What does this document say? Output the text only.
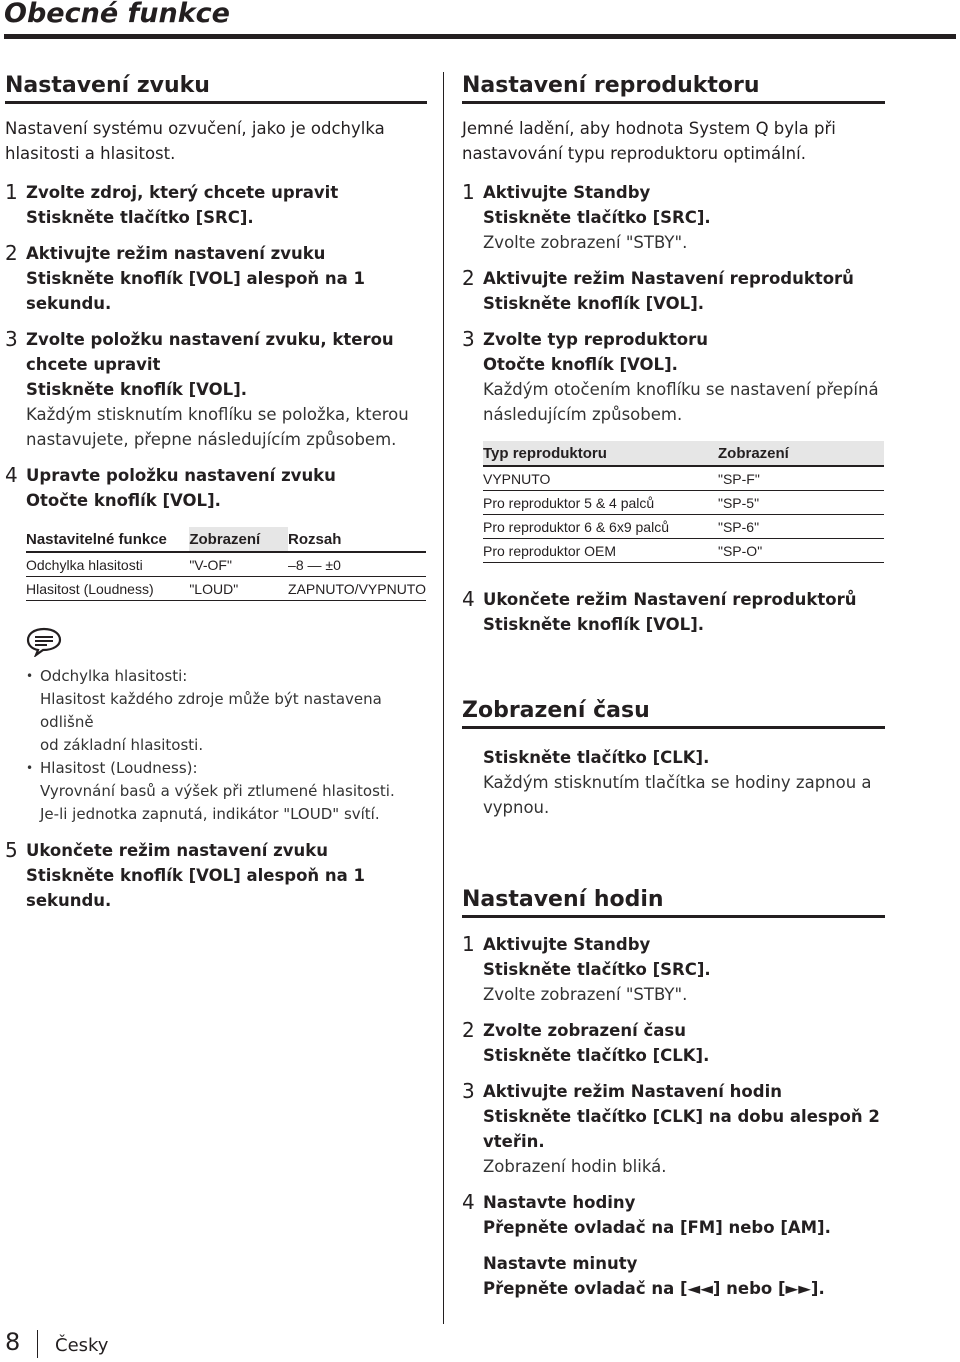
Obecné funkce
Nastavení zvuku
Nastavení systému ozvučení, jako je odchylka
hlasitosti a hlasitost.
1 Zvolte zdroj, který chcete upravit
Stiskněte tlačítko [SRC].
2 Aktivujte režim nastavení zvuku
Stiskněte knoflík [VOL] alespoň na 1 sekundu.
3 Zvolte položku nastavení zvuku, kterou
chcete upravit
Stiskněte knoflík [VOL].
Každým stisknutím knoflíku se položka, kterou
nastavujete, přepne následujícím způsobem.
4 Upravte položku nastavení zvuku
Otočte knoflík [VOL].
Nastavitelné funkce	Zobrazení	Rozsah
Odchylka hlasitosti	"V-OF"	–8 — ±0
Hlasitost (Loudness)	"LOUD"	ZAPNUTO/VYPNUTO
• Odchylka hlasitosti:
Hlasitost každého zdroje může být nastavena odlišně
od základní hlasitosti.
• Hlasitost (Loudness):
Vyrovnání basů a výšek při ztlumené hlasitosti.
Je-li jednotka zapnutá, indikátor "LOUD" svítí.
5 Ukončete režim nastavení zvuku
Stiskněte knoflík [VOL] alespoň na 1 sekundu.
Nastavení reproduktoru
Jemné ladění, aby hodnota System Q byla při
nastavování typu reproduktoru optimální.
1 Aktivujte Standby
Stiskněte tlačítko [SRC].
Zvolte zobrazení "STBY".
2 Aktivujte režim Nastavení reproduktorů
Stiskněte knoflík [VOL].
3 Zvolte typ reproduktoru
Otočte knoflík [VOL].
Každým otočením knoflíku se nastavení přepíná
následujícím způsobem.
Typ reproduktoru	Zobrazení
VYPNUTO	"SP-F"
Pro reproduktor 5 & 4 palců	"SP-5"
Pro reproduktor 6 & 6x9 palců	"SP-6"
Pro reproduktor OEM	"SP-O"
4 Ukončete režim Nastavení reproduktorů
Stiskněte knoflík [VOL].
Zobrazení času
Stiskněte tlačítko [CLK].
Každým stisknutím tlačítka se hodiny zapnou a
vypnou.
Nastavení hodin
1 Aktivujte Standby
Stiskněte tlačítko [SRC].
Zvolte zobrazení "STBY".
2 Zvolte zobrazení času
Stiskněte tlačítko [CLK].
3 Aktivujte režim Nastavení hodin
Stiskněte tlačítko [CLK] na dobu alespoň 2
vteřin.
Zobrazení hodin bliká.
4 Nastavte hodiny
Přepněte ovladač na [FM] nebo [AM].
Nastavte minuty
Přepněte ovladač na [◄◄] nebo [►►].
8 Česky
